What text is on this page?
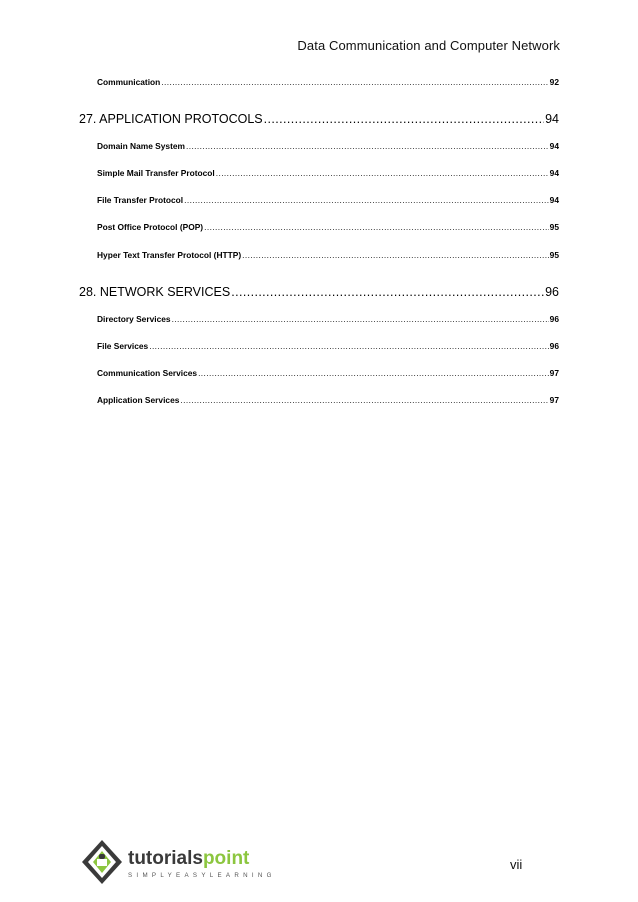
Data Communication and Computer Network
Communication .....	92
27. APPLICATION PROTOCOLS .....	94
Domain Name System .....	94
Simple Mail Transfer Protocol .....	94
File Transfer Protocol .....	94
Post Office Protocol (POP) .....	95
Hyper Text Transfer Protocol (HTTP) .....	95
28. NETWORK SERVICES .....	96
Directory Services .....	96
File Services .....	96
Communication Services .....	97
Application Services .....	97
tutorialspoint
SIMPLYEASYLEARNING
vii
